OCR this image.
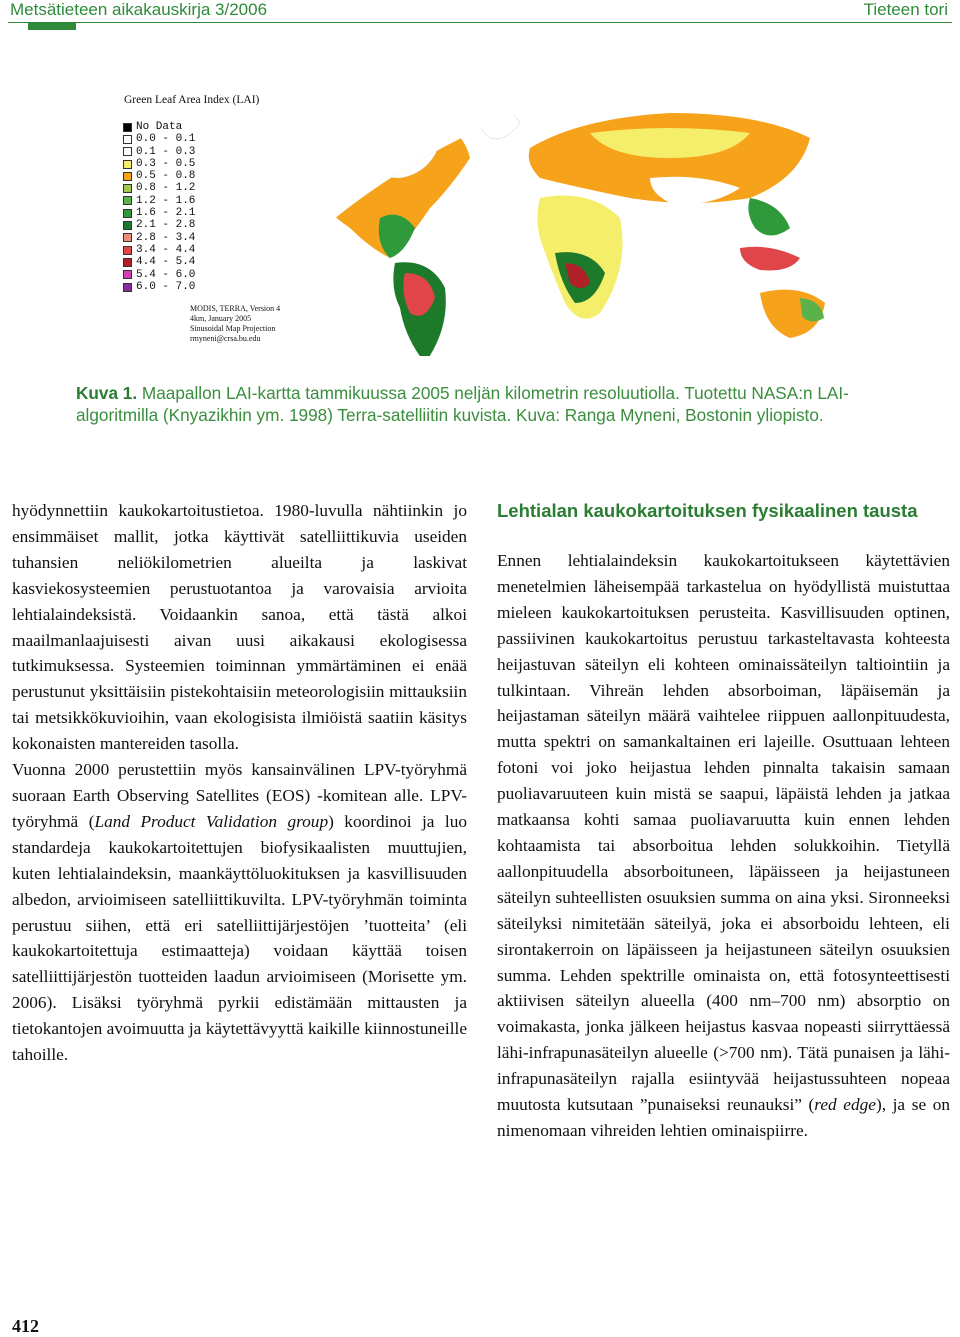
Metsätieteen aikakauskirja 3/2006	Tieteen tori
Green Leaf Area Index (LAI)
No Data
0.0 - 0.1
0.1 - 0.3
0.3 - 0.5
0.5 - 0.8
0.8 - 1.2
1.2 - 1.6
1.6 - 2.1
2.1 - 2.8
2.8 - 3.4
3.4 - 4.4
4.4 - 5.4
5.4 - 6.0
6.0 - 7.0
MODIS, TERRA, Version 4
4km, January 2005
Sinusoidal Map Projection
rmyneni@crsa.bu.edu
Kuva 1. Maapallon LAI-kartta tammikuussa 2005 neljän kilometrin resoluutiolla. Tuotettu NASA:n LAI-algoritmilla (Knyazikhin ym. 1998) Terra-satelliitin kuvista. Kuva: Ranga Myneni, Bostonin yliopisto.

hyödynnettiin kaukokartoitustietoa. 1980-luvulla nähtiinkin jo ensimmäiset mallit, jotka käyttivät satelliittikuvia useiden tuhansien neliökilometrien alueilta ja laskivat kasviekosysteemien perustuotantoa ja varovaisia arvioita lehtialaindeksistä. Voidaankin sanoa, että tästä alkoi maailmanlaajuisesti aivan uusi aikakausi ekologisessa tutkimuksessa. Systeemien toiminnan ymmärtäminen ei enää perustunut yksittäisiin pistekohtaisiin meteorologisiin mittauksiin tai metsikkökuvioihin, vaan ekologisista ilmiöistä saatiin käsitys kokonaisten mantereiden tasolla.

Vuonna 2000 perustettiin myös kansainvälinen LPV-työryhmä suoraan Earth Observing Satellites (EOS) -komitean alle. LPV-työryhmä (Land Product Validation group) koordinoi ja luo standardeja kaukokartoitettujen biofysikaalisten muuttujien, kuten lehtialaindeksin, maankäyttöluokituksen ja kasvillisuuden albedon, arvioimiseen satelliittikuvilta. LPV-työryhmän toiminta perustuu siihen, että eri satelliittijärjestöjen ’tuotteita’ (eli kaukokartoitettuja estimaatteja) voidaan käyttää toisen satelliittijärjestön tuotteiden laadun arvioimiseen (Morisette ym. 2006). Lisäksi työryhmä pyrkii edistämään mittausten ja tietokantojen avoimuutta ja käytettävyyttä kaikille kiinnostuneille tahoille.

Lehtialan kaukokartoituksen fysikaalinen tausta

Ennen lehtialaindeksin kaukokartoitukseen käytettävien menetelmien läheisempää tarkastelua on hyödyllistä muistuttaa mieleen kaukokartoituksen perusteita. Kasvillisuuden optinen, passiivinen kaukokartoitus perustuu tarkasteltavasta kohteesta heijastuvan säteilyn eli kohteen ominaissäteilyn taltiointiin ja tulkintaan. Vihreän lehden absorboiman, läpäisemän ja heijastaman säteilyn määrä vaihtelee riippuen aallonpituudesta, mutta spektri on samankaltainen eri lajeille. Osuttuaan lehteen fotoni voi joko heijastua lehden pinnalta takaisin samaan puoliavaruuteen kuin mistä se saapui, läpäistä lehden ja jatkaa matkaansa kohti samaa puoliavaruutta kuin ennen lehden kohtaamista tai absorboitua lehden solukkoihin. Tietyllä aallonpituudella absorboituneen, läpäisseen ja heijastuneen säteilyn suhteellisten osuuksien summa on aina yksi. Sironneeksi säteilyksi nimitetään säteilyä, joka ei absorboidu lehteen, eli sirontakerroin on läpäisseen ja heijastuneen säteilyn osuuksien summa. Lehden spektrille ominaista on, että fotosynteettisesti aktiivisen säteilyn alueella (400 nm–700 nm) absorptio on voimakasta, jonka jälkeen heijastus kasvaa nopeasti siirryttäessä lähi-infrapunasäteilyn alueelle (>700 nm). Tätä punaisen ja lähi-infrapunasäteilyn rajalla esiintyvää heijastussuhteen nopeaa muutosta kutsutaan ”punaiseksi reunauksi” (red edge), ja se on nimenomaan vihreiden lehtien ominaispiirre.

412
